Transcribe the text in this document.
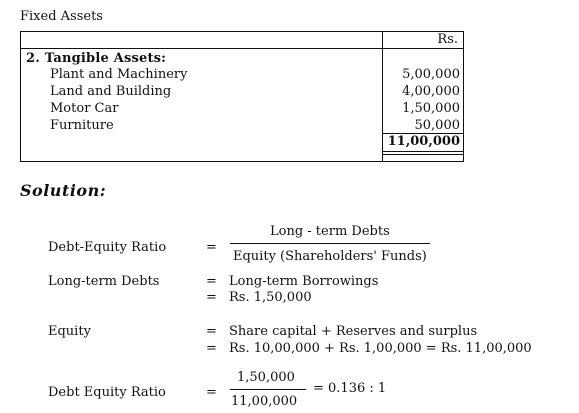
Fixed Assets
Rs.
2. Tangible Assets:
Plant and Machinery	5,00,000
Land and Building	4,00,000
Motor Car	1,50,000
Furniture	50,000
11,00,000
Solution:
Debt-Equity Ratio	=
Long - term Debts
Equity (Shareholders' Funds)
Long-term Debts	= Long-term Borrowings
= Rs. 1,50,000
Equity	= Share capital + Reserves and surplus
= Rs. 10,00,000 + Rs. 1,00,000 = Rs. 11,00,000
Debt Equity Ratio	=
1,50,000
11,00,000
= 0.136 : 1
